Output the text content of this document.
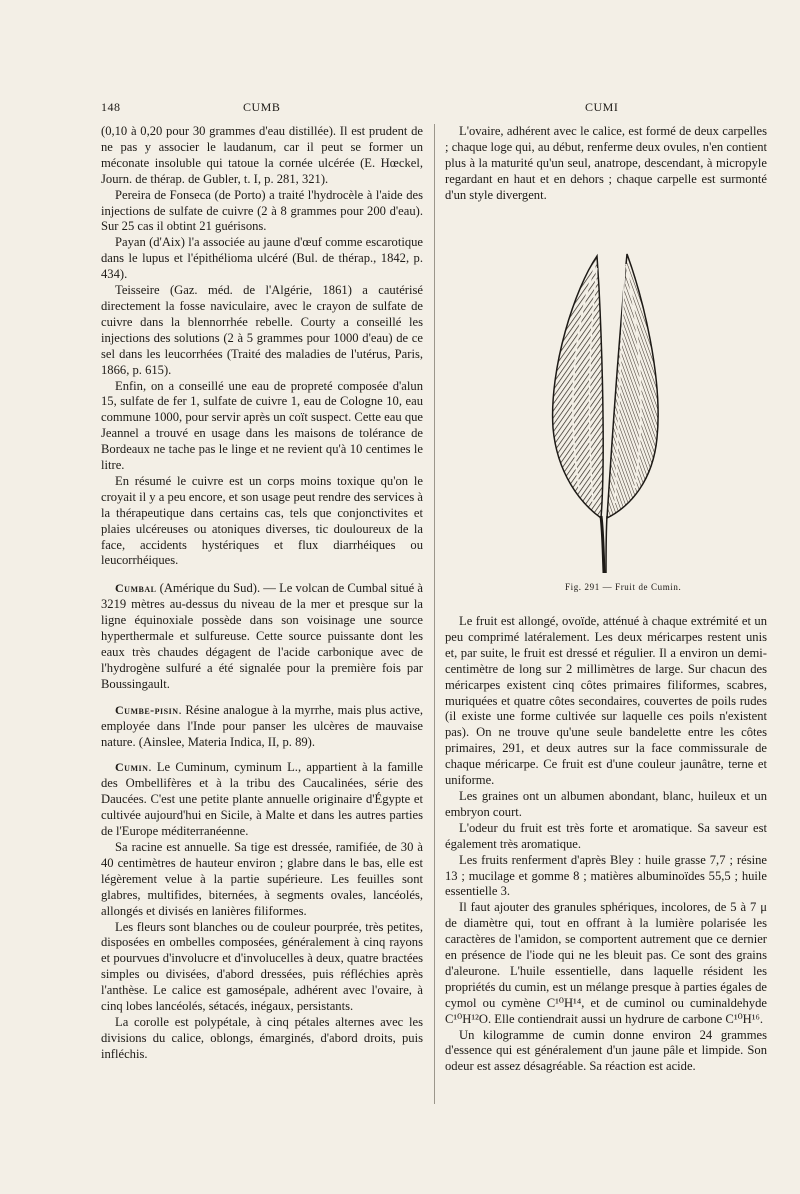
148	CUMB	CUMI

(0,10 à 0,20 pour 30 grammes d'eau distillée). Il est prudent de ne pas y associer le laudanum, car il peut se former un méconate insoluble qui tatoue la cornée ulcérée (E. Hœckel, Journ. de thérap. de Gubler, t. I, p. 281, 321).

Pereira de Fonseca (de Porto) a traité l'hydrocèle à l'aide des injections de sulfate de cuivre (2 à 8 grammes pour 200 d'eau). Sur 25 cas il obtint 21 guérisons.

Payan (d'Aix) l'a associée au jaune d'œuf comme escarotique dans le lupus et l'épithélioma ulcéré (Bul. de thérap., 1842, p. 434).

Teisseire (Gaz. méd. de l'Algérie, 1861) a cautérisé directement la fosse naviculaire, avec le crayon de sulfate de cuivre dans la blennorrhée rebelle. Courty a conseillé les injections des solutions (2 à 5 grammes pour 1000 d'eau) de ce sel dans les leucorrhées (Traité des maladies de l'utérus, Paris, 1866, p. 615).

Enfin, on a conseillé une eau de propreté composée d'alun 15, sulfate de fer 1, sulfate de cuivre 1, eau de Cologne 10, eau commune 1000, pour servir après un coït suspect. Cette eau que Jeannel a trouvé en usage dans les maisons de tolérance de Bordeaux ne tache pas le linge et ne revient qu'à 10 centimes le litre.

En résumé le cuivre est un corps moins toxique qu'on le croyait il y a peu encore, et son usage peut rendre des services à la thérapeutique dans certains cas, tels que conjonctivites et plaies ulcéreuses ou atoniques diverses, tic douloureux de la face, accidents hystériques et flux diarrhéiques ou leucorrhéiques.

Cumbal (Amérique du Sud). — Le volcan de Cumbal situé à 3219 mètres au-dessus du niveau de la mer et presque sur la ligne équinoxiale possède dans son voisinage une source hyperthermale et sulfureuse. Cette source puissante dont les eaux très chaudes dégagent de l'acide carbonique avec de l'hydrogène sulfuré a été signalée pour la première fois par Boussingault.

Cumbe-pisin. Résine analogue à la myrrhe, mais plus active, employée dans l'Inde pour panser les ulcères de mauvaise nature. (Ainslee, Materia Indica, II, p. 89).

Cumin. Le Cuminum, cyminum L., appartient à la famille des Ombellifères et à la tribu des Caucalinées, série des Daucées. C'est une petite plante annuelle originaire d'Égypte et cultivée aujourd'hui en Sicile, à Malte et dans les autres parties de l'Europe méditerranéenne.

Sa racine est annuelle. Sa tige est dressée, ramifiée, de 30 à 40 centimètres de hauteur environ ; glabre dans le bas, elle est légèrement velue à la partie supérieure. Les feuilles sont glabres, multifides, biternées, à segments ovales, lancéolés, allongés et divisés en lanières filiformes.

Les fleurs sont blanches ou de couleur pourprée, très petites, disposées en ombelles composées, généralement à cinq rayons et pourvues d'involucre et d'involucelles à deux, quatre bractées simples ou divisées, d'abord dressées, puis réfléchies après l'anthèse. Le calice est gamosépale, adhérent avec l'ovaire, à cinq lobes lancéolés, sétacés, inégaux, persistants.

La corolle est polypétale, à cinq pétales alternes avec les divisions du calice, oblongs, émarginés, d'abord droits, puis infléchis.

L'ovaire, adhérent avec le calice, est formé de deux carpelles ; chaque loge qui, au début, renferme deux ovules, n'en contient plus à la maturité qu'un seul, anatrope, descendant, à micropyle regardant en haut et en dehors ; chaque carpelle est surmonté d'un style divergent.

Fig. 291 — Fruit de Cumin.

Le fruit est allongé, ovoïde, atténué à chaque extrémité et un peu comprimé latéralement. Les deux méricarpes restent unis et, par suite, le fruit est dressé et régulier. Il a environ un demi-centimètre de long sur 2 millimètres de large. Sur chacun des méricarpes existent cinq côtes primaires filiformes, scabres, muriquées et quatre côtes secondaires, couvertes de poils rudes (il existe une forme cultivée sur laquelle ces poils n'existent pas). On ne trouve qu'une seule bandelette entre les côtes primaires, 291, et deux autres sur la face commissurale de chaque méricarpe. Ce fruit est d'une couleur jaunâtre, terne et uniforme.

Les graines ont un albumen abondant, blanc, huileux et un embryon court.

L'odeur du fruit est très forte et aromatique. Sa saveur est également très aromatique.

Les fruits renferment d'après Bley : huile grasse 7,7 ; résine 13 ; mucilage et gomme 8 ; matières albuminoïdes 55,5 ; huile essentielle 3.

Il faut ajouter des granules sphériques, incolores, de 5 à 7 μ de diamètre qui, tout en offrant à la lumière polarisée les caractères de l'amidon, se comportent autrement que ce dernier en présence de l'iode qui ne les bleuit pas. Ce sont des grains d'aleurone. L'huile essentielle, dans laquelle résident les propriétés du cumin, est un mélange presque à parties égales de cymol ou cymène C¹⁰H¹⁴, et de cuminol ou cuminaldehyde C¹⁰H¹²O. Elle contiendrait aussi un hydrure de carbone C¹⁰H¹⁶.

Un kilogramme de cumin donne environ 24 grammes d'essence qui est généralement d'un jaune pâle et limpide. Son odeur est assez désagréable. Sa réaction est acide.
